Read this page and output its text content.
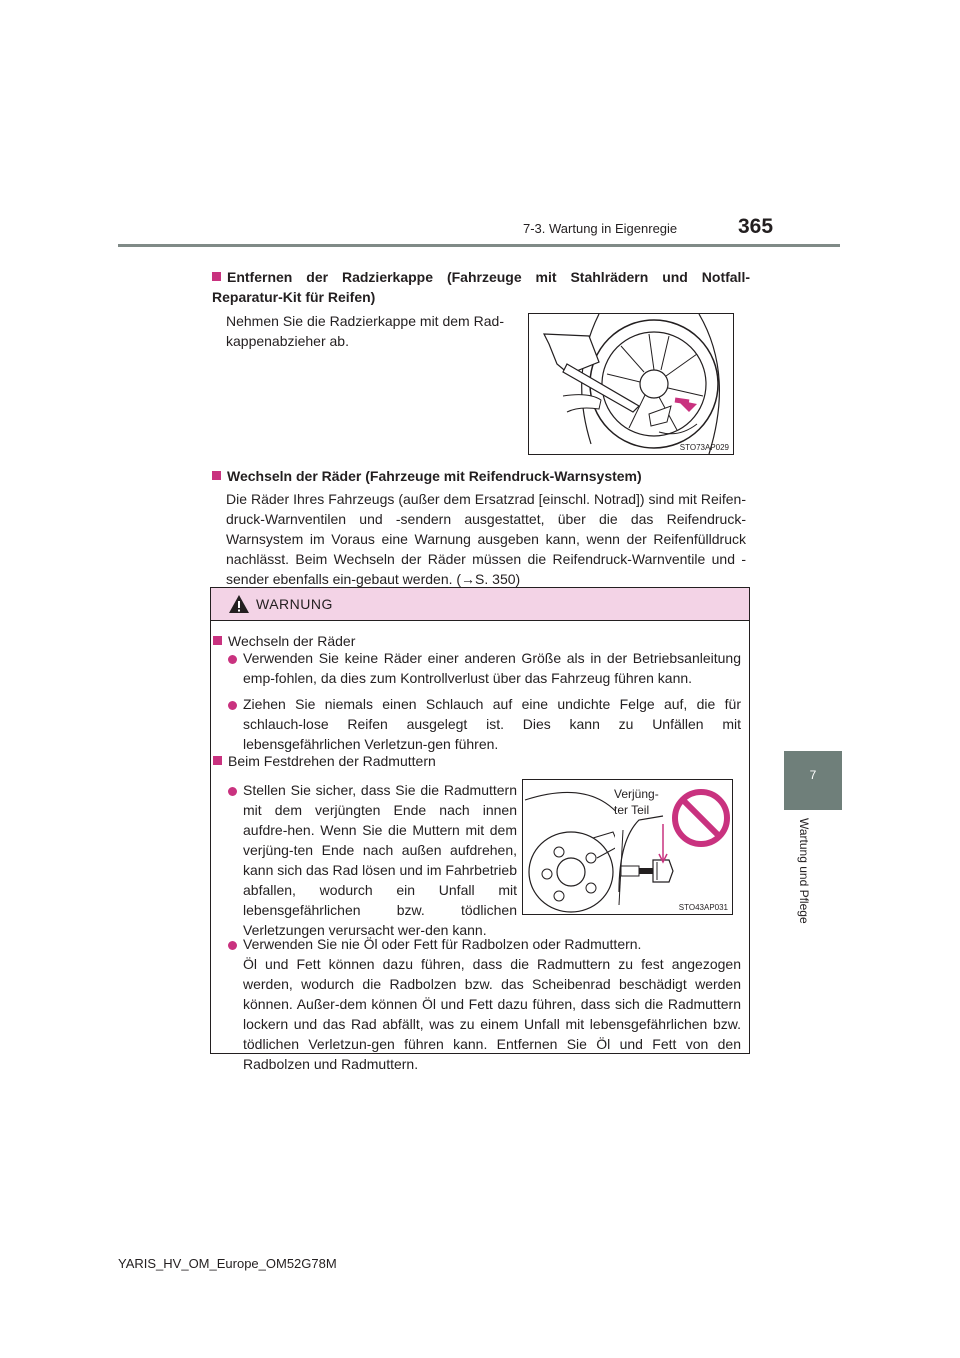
7-3. Wartung in Eigenregie	365
7
Wartung und Pflege
Entfernen der Radzierkappe (Fahrzeuge mit Stahlrädern und Notfall-Reparatur-Kit für Reifen)
Nehmen Sie die Radzierkappe mit dem Rad-kappenabzieher ab.
STO73AP029
Wechseln der Räder (Fahrzeuge mit Reifendruck-Warnsystem)
Die Räder Ihres Fahrzeugs (außer dem Ersatzrad [einschl. Notrad]) sind mit Reifen-druck-Warnventilen und -sendern ausgestattet, über die das Reifendruck-Warnsystem im Voraus eine Warnung ausgeben kann, wenn der Reifenfülldruck nachlässt. Beim Wechseln der Räder müssen die Reifendruck-Warnventile und -sender ebenfalls ein-gebaut werden. (→S. 350)
WARNUNG
Wechseln der Räder
Verwenden Sie keine Räder einer anderen Größe als in der Betriebsanleitung emp-fohlen, da dies zum Kontrollverlust über das Fahrzeug führen kann.
Ziehen Sie niemals einen Schlauch auf eine undichte Felge auf, die für schlauch-lose Reifen ausgelegt ist. Dies kann zu Unfällen mit lebensgefährlichen Verletzun-gen führen.
Beim Festdrehen der Radmuttern
Stellen Sie sicher, dass Sie die Radmuttern mit dem verjüngten Ende nach innen aufdre-hen. Wenn Sie die Muttern mit dem verjüng-ten Ende nach außen aufdrehen, kann sich das Rad lösen und im Fahrbetrieb abfallen, wodurch ein Unfall mit lebensgefährlichen bzw. tödlichen Verletzungen verursacht wer-den kann.
Verjüng-
ter Teil
STO43AP031
Verwenden Sie nie Öl oder Fett für Radbolzen oder Radmuttern.
Öl und Fett können dazu führen, dass die Radmuttern zu fest angezogen werden, wodurch die Radbolzen bzw. das Scheibenrad beschädigt werden können. Außer-dem können Öl und Fett dazu führen, dass sich die Radmuttern lockern und das Rad abfällt, was zu einem Unfall mit lebensgefährlichen bzw. tödlichen Verletzun-gen führen kann. Entfernen Sie Öl und Fett von den Radbolzen und Radmuttern.
YARIS_HV_OM_Europe_OM52G78M
